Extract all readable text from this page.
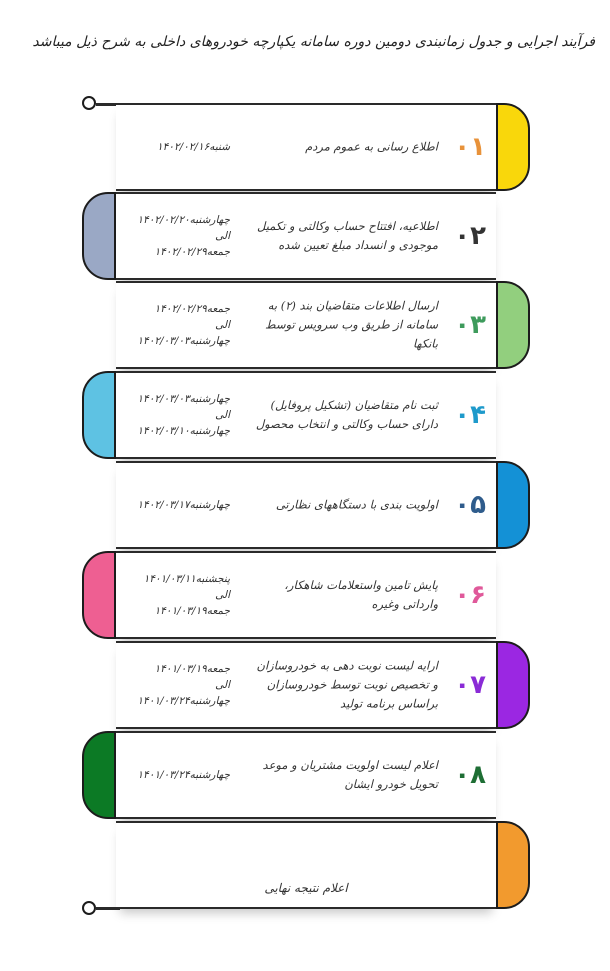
فرآیند اجرایی و جدول زمانبندی دومین دوره سامانه یکپارچه خودروهای داخلی به شرح ذیل میباشد
۰۱
اطلاع رسانی به عموم مردم
شنبه۱۴۰۲/۰۲/۱۶
۰۲
اطلاعیه، افتتاح حساب وکالتی و تکمیل موجودی و انسداد مبلغ تعیین شده
چهارشنبه۱۴۰۲/۰۲/۲۰
الی
جمعه۱۴۰۲/۰۲/۲۹
۰۳
ارسال اطلاعات متقاضیان بند (۲) به سامانه از طریق وب سرویس توسط بانکها
جمعه۱۴۰۲/۰۲/۲۹
الی
چهارشنبه۱۴۰۲/۰۳/۰۳
۰۴
ثبت نام متقاضیان (تشکیل پروفایل) دارای حساب وکالتی و انتخاب محصول
چهارشنبه۱۴۰۲/۰۳/۰۳
الی
چهارشنبه۱۴۰۲/۰۳/۱۰
۰۵
اولویت بندی با دستگاههای نظارتی
چهارشنبه۱۴۰۲/۰۳/۱۷
۰۶
پایش تامین واستعلامات شاهکار، وارداتی وغیره
پنجشنبه۱۴۰۱/۰۳/۱۱
الی
جمعه۱۴۰۱/۰۳/۱۹
۰۷
ارایه لیست نوبت دهی به خودروسازان و تخصیص نوبت توسط خودروسازان براساس برنامه تولید
جمعه۱۴۰۱/۰۳/۱۹
الی
چهارشنبه۱۴۰۱/۰۳/۲۴
۰۸
اعلام لیست اولویت مشتریان و موعد تحویل خودرو ایشان
چهارشنبه۱۴۰۱/۰۳/۲۴
اعلام نتیجه نهایی
